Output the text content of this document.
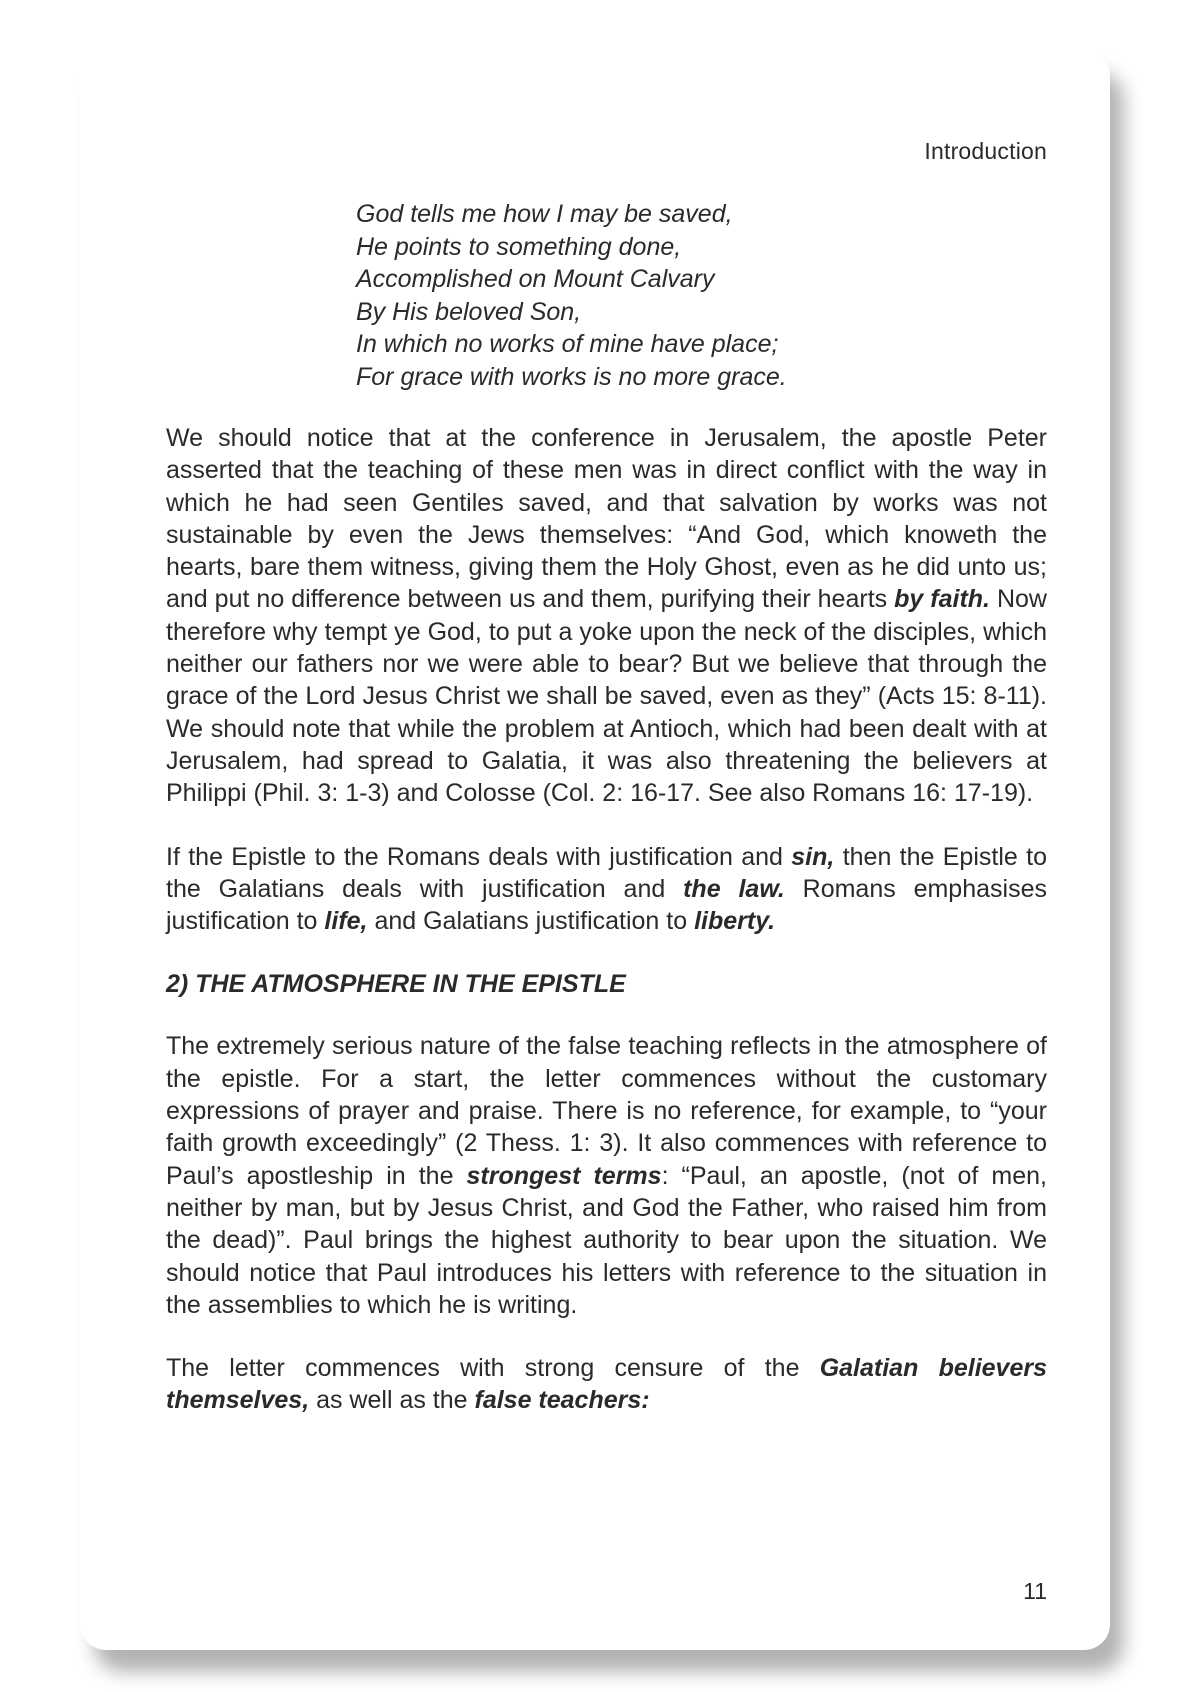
Introduction
God tells me how I may be saved,
He points to something done,
Accomplished on Mount Calvary
By His beloved Son,
In which no works of mine have place;
For grace with works is no more grace.

We should notice that at the conference in Jerusalem, the apostle Peter asserted that the teaching of these men was in direct conflict with the way in which he had seen Gentiles saved, and that salvation by works was not sustainable by even the Jews themselves: “And God, which knoweth the hearts, bare them witness, giving them the Holy Ghost, even as he did unto us; and put no difference between us and them, purifying their hearts by faith. Now therefore why tempt ye God, to put a yoke upon the neck of the disciples, which neither our fathers nor we were able to bear? But we believe that through the grace of the Lord Jesus Christ we shall be saved, even as they” (Acts 15: 8-11). We should note that while the problem at Antioch, which had been dealt with at Jerusalem, had spread to Galatia, it was also threatening the believers at Philippi (Phil. 3: 1-3) and Colosse (Col. 2: 16-17. See also Romans 16: 17-19).

If the Epistle to the Romans deals with justification and sin, then the Epistle to the Galatians deals with justification and the law. Romans emphasises justification to life, and Galatians justification to liberty.

2) THE ATMOSPHERE IN THE EPISTLE

The extremely serious nature of the false teaching reflects in the atmosphere of the epistle. For a start, the letter commences without the customary expressions of prayer and praise. There is no reference, for example, to “your faith growth exceedingly” (2 Thess. 1: 3). It also commences with reference to Paul’s apostleship in the strongest terms: “Paul, an apostle, (not of men, neither by man, but by Jesus Christ, and God the Father, who raised him from the dead)”. Paul brings the highest authority to bear upon the situation. We should notice that Paul introduces his letters with reference to the situation in the assemblies to which he is writing.

The letter commences with strong censure of the Galatian believers themselves, as well as the false teachers:

11
